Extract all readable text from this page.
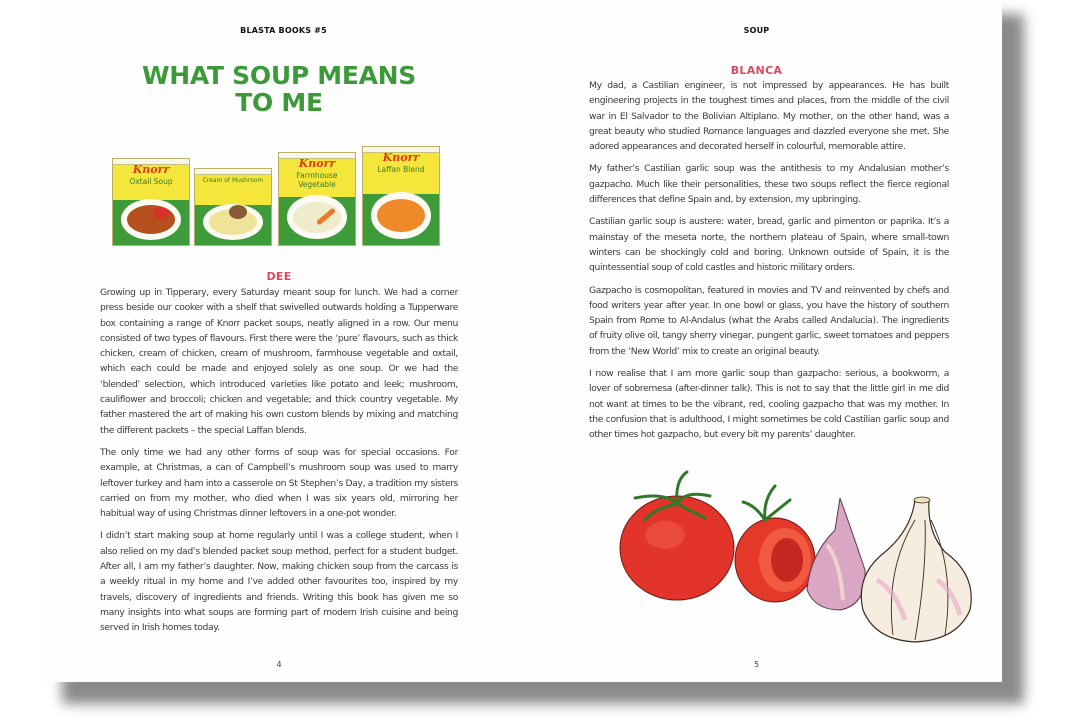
BLASTA BOOKS #5
WHAT SOUP MEANS
TO ME
Knorr
Oxtail Soup	Cream of Mushroom
Knorr
Farmhouse Vegetable
Knorr
Laffan Blend
DEE

Growing up in Tipperary, every Saturday meant soup for lunch. We had a corner press beside our cooker with a shelf that swivelled outwards holding a Tupperware box containing a range of Knorr packet soups, neatly aligned in a row. Our menu consisted of two types of flavours. First there were the ‘pure’ flavours, such as thick chicken, cream of chicken, cream of mushroom, farmhouse vegetable and oxtail, which each could be made and enjoyed solely as one soup. Or we had the ‘blended’ selection, which introduced varieties like potato and leek; mushroom, cauliflower and broccoli; chicken and vegetable; and thick country vegetable. My father mastered the art of making his own custom blends by mixing and matching the different packets – the special Laffan blends.

The only time we had any other forms of soup was for special occasions. For example, at Christmas, a can of Campbell’s mushroom soup was used to marry leftover turkey and ham into a casserole on St Stephen’s Day, a tradition my sisters carried on from my mother, who died when I was six years old, mirroring her habitual way of using Christmas dinner leftovers in a one-pot wonder.

I didn’t start making soup at home regularly until I was a college student, when I also relied on my dad’s blended packet soup method, perfect for a student budget. After all, I am my father’s daughter. Now, making chicken soup from the carcass is a weekly ritual in my home and I’ve added other favourites too, inspired by my travels, discovery of ingredients and friends. Writing this book has given me so many insights into what soups are forming part of modern Irish cuisine and being served in Irish homes today.

4
SOUP
BLANCA

My dad, a Castilian engineer, is not impressed by appearances. He has built engineering projects in the toughest times and places, from the middle of the civil war in El Salvador to the Bolivian Altiplano. My mother, on the other hand, was a great beauty who studied Romance languages and dazzled everyone she met. She adored appearances and decorated herself in colourful, memorable attire.

My father’s Castilian garlic soup was the antithesis to my Andalusian mother’s gazpacho. Much like their personalities, these two soups reflect the fierce regional differences that define Spain and, by extension, my upbringing.

Castilian garlic soup is austere: water, bread, garlic and pimenton or paprika. It’s a mainstay of the meseta norte, the northern plateau of Spain, where small-town winters can be shockingly cold and boring. Unknown outside of Spain, it is the quintessential soup of cold castles and historic military orders.

Gazpacho is cosmopolitan, featured in movies and TV and reinvented by chefs and food writers year after year. In one bowl or glass, you have the history of southern Spain from Rome to Al-Andalus (what the Arabs called Andalucia). The ingredients of fruity olive oil, tangy sherry vinegar, pungent garlic, sweet tomatoes and peppers from the ‘New World’ mix to create an original beauty.

I now realise that I am more garlic soup than gazpacho: serious, a bookworm, a lover of sobremesa (after-dinner talk). This is not to say that the little girl in me did not want at times to be the vibrant, red, cooling gazpacho that was my mother. In the confusion that is adulthood, I might sometimes be cold Castilian garlic soup and other times hot gazpacho, but every bit my parents’ daughter.

5
